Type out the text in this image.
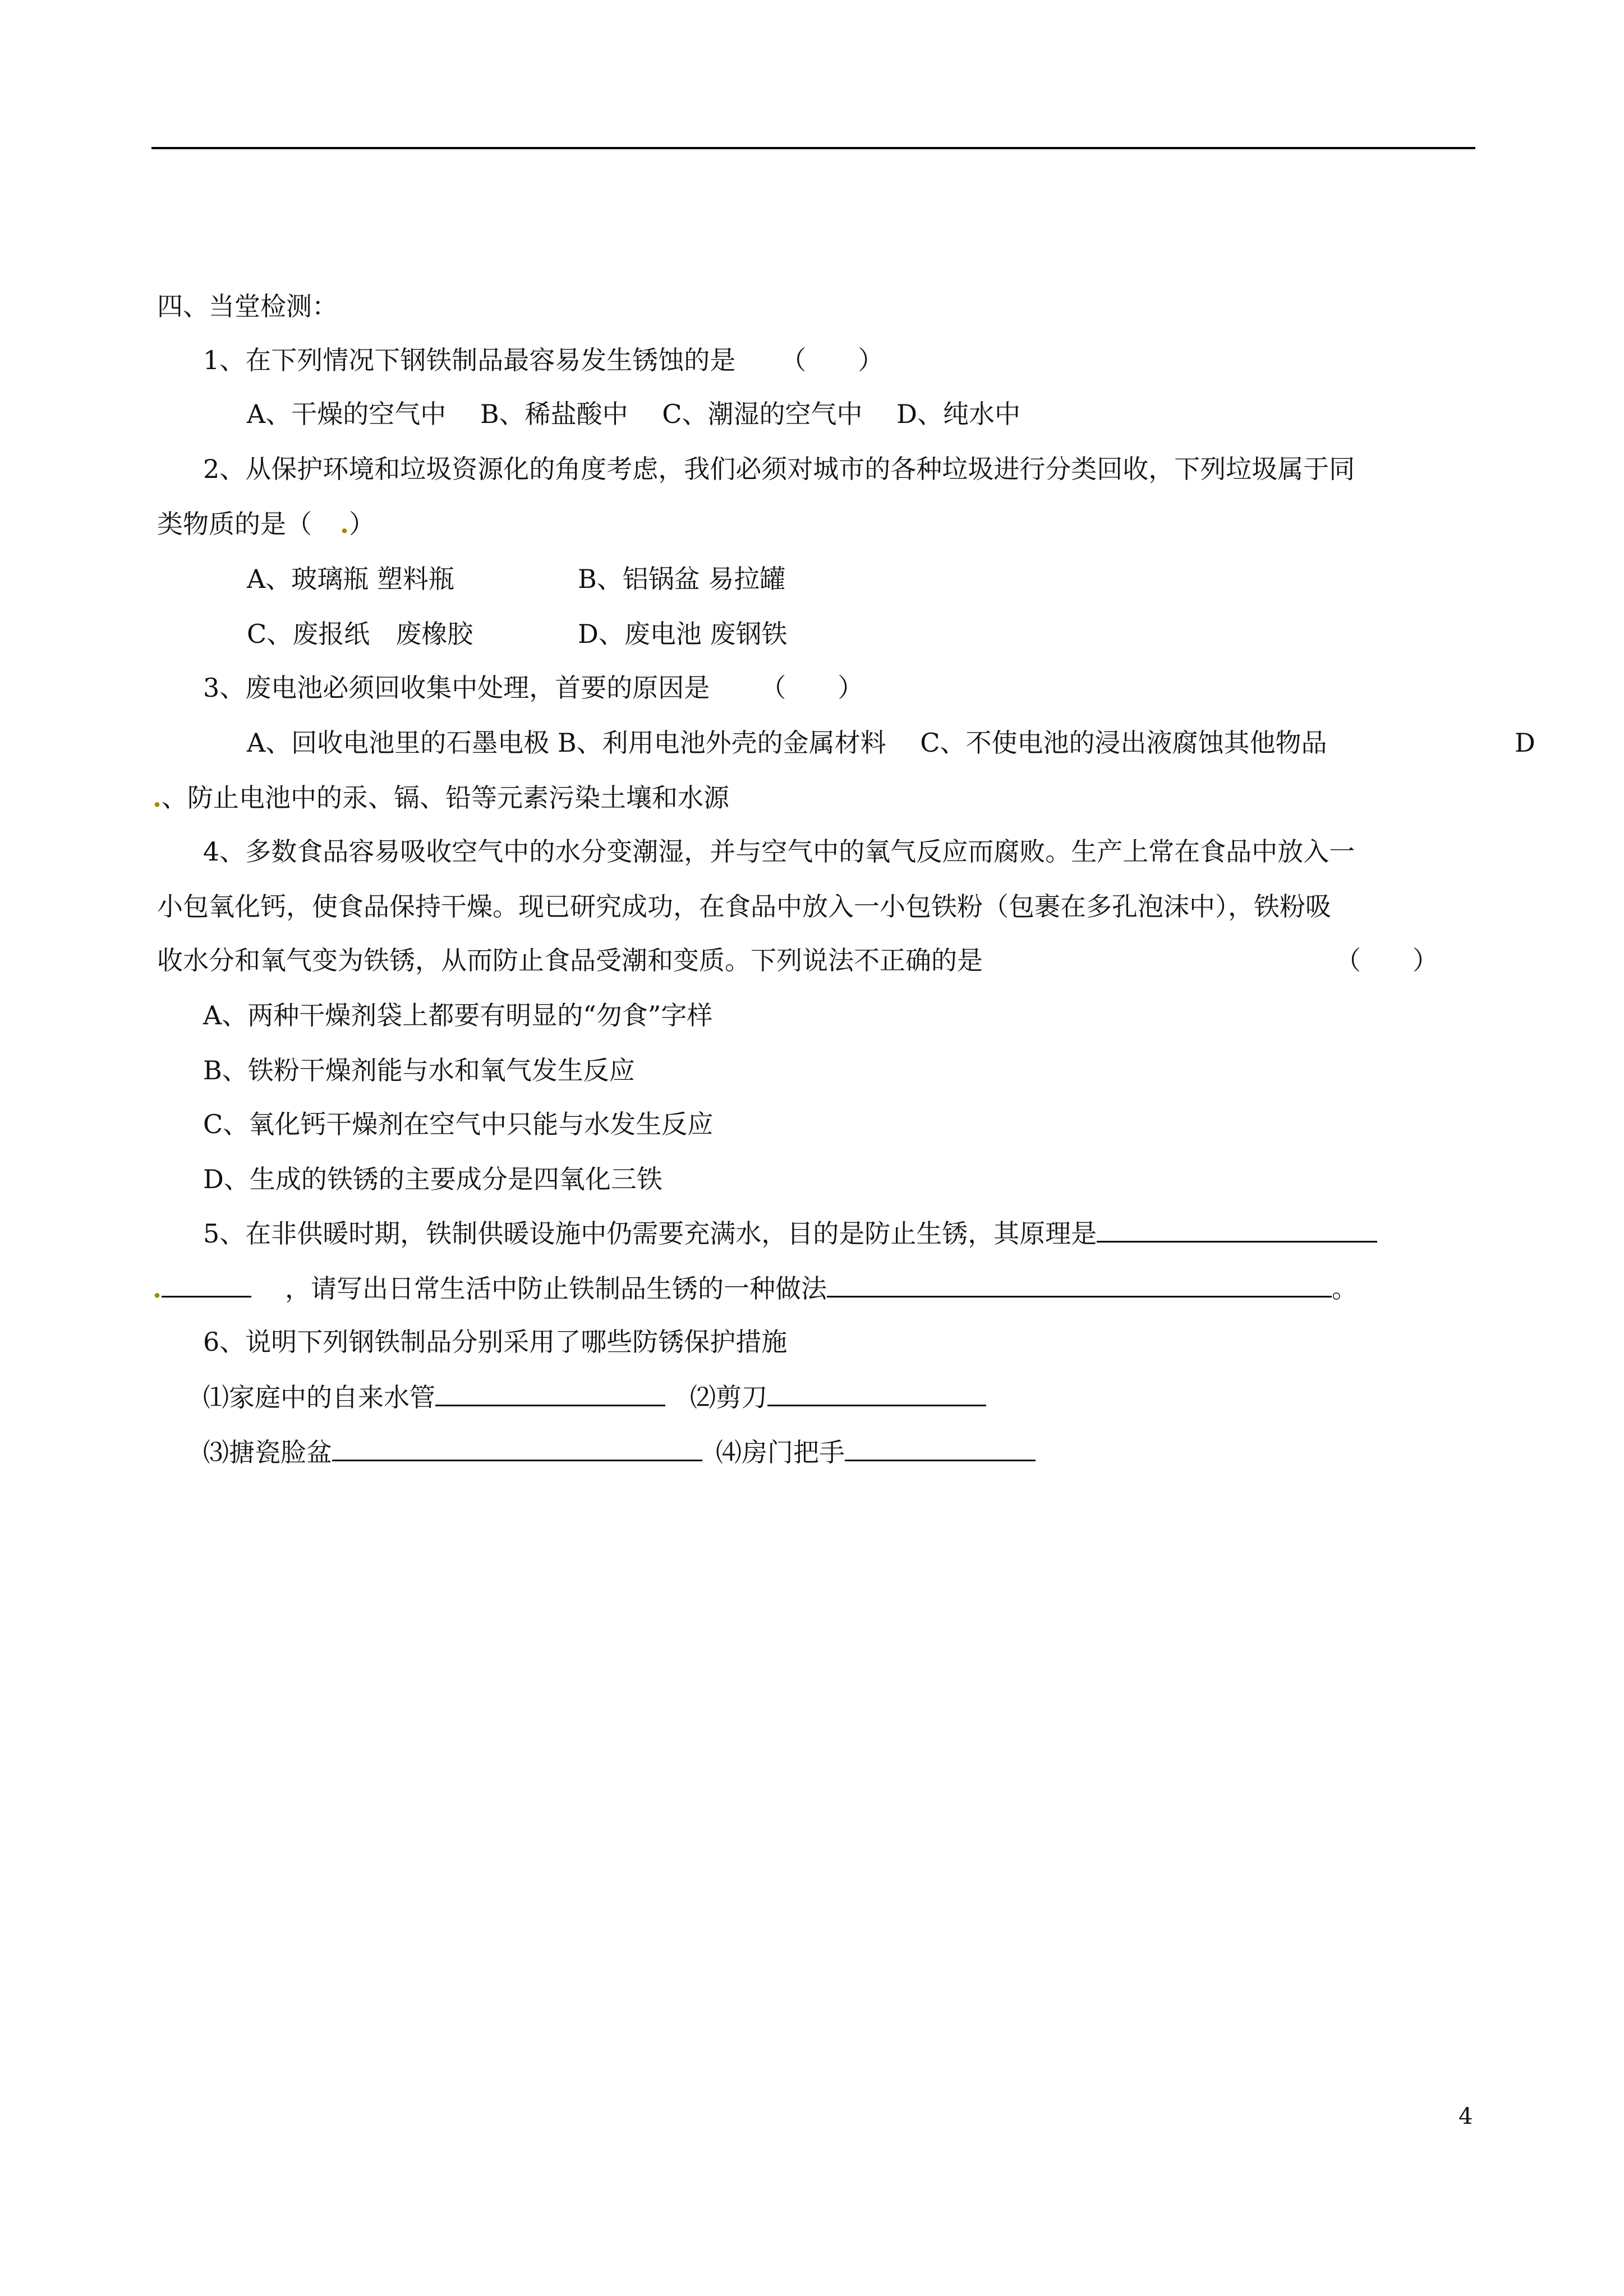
四、当堂检测：
1、在下列情况下钢铁制品最容易发生锈蚀的是 （　　）
A、干燥的空气中　 B、稀盐酸中　 C、潮湿的空气中　 D、纯水中
2、从保护环境和垃圾资源化的角度考虑，我们必须对城市的各种垃圾进行分类回收，下列垃圾属于同
类物质的是（ .）
A、玻璃瓶 塑料瓶	B、铝锅盆 易拉罐
C、废报纸　废橡胶	D、废电池 废钢铁
3、废电池必须回收集中处理，首要的原因是 （　　）
A、回收电池里的石墨电极 B、利用电池外壳的金属材料　 C、不使电池的浸出液腐蚀其他物品	D
.、防止电池中的汞、镉、铅等元素污染土壤和水源
4、多数食品容易吸收空气中的水分变潮湿，并与空气中的氧气反应而腐败。生产上常在食品中放入一
小包氧化钙，使食品保持干燥。现已研究成功，在食品中放入一小包铁粉（包裹在多孔泡沫中），铁粉吸
收水分和氧气变为铁锈，从而防止食品受潮和变质。下列说法不正确的是	（　　）
A、两种干燥剂袋上都要有明显的“勿食”字样
B、铁粉干燥剂能与水和氧气发生反应
C、氧化钙干燥剂在空气中只能与水发生反应
D、生成的铁锈的主要成分是四氧化三铁
5、在非供暖时期，铁制供暖设施中仍需要充满水，目的是防止生锈，其原理是
.	，请写出日常生活中防止铁制品生锈的一种做法	。
6、说明下列钢铁制品分别采用了哪些防锈保护措施
⑴家庭中的自来水管	⑵剪刀
⑶搪瓷脸盆	⑷房门把手
4
